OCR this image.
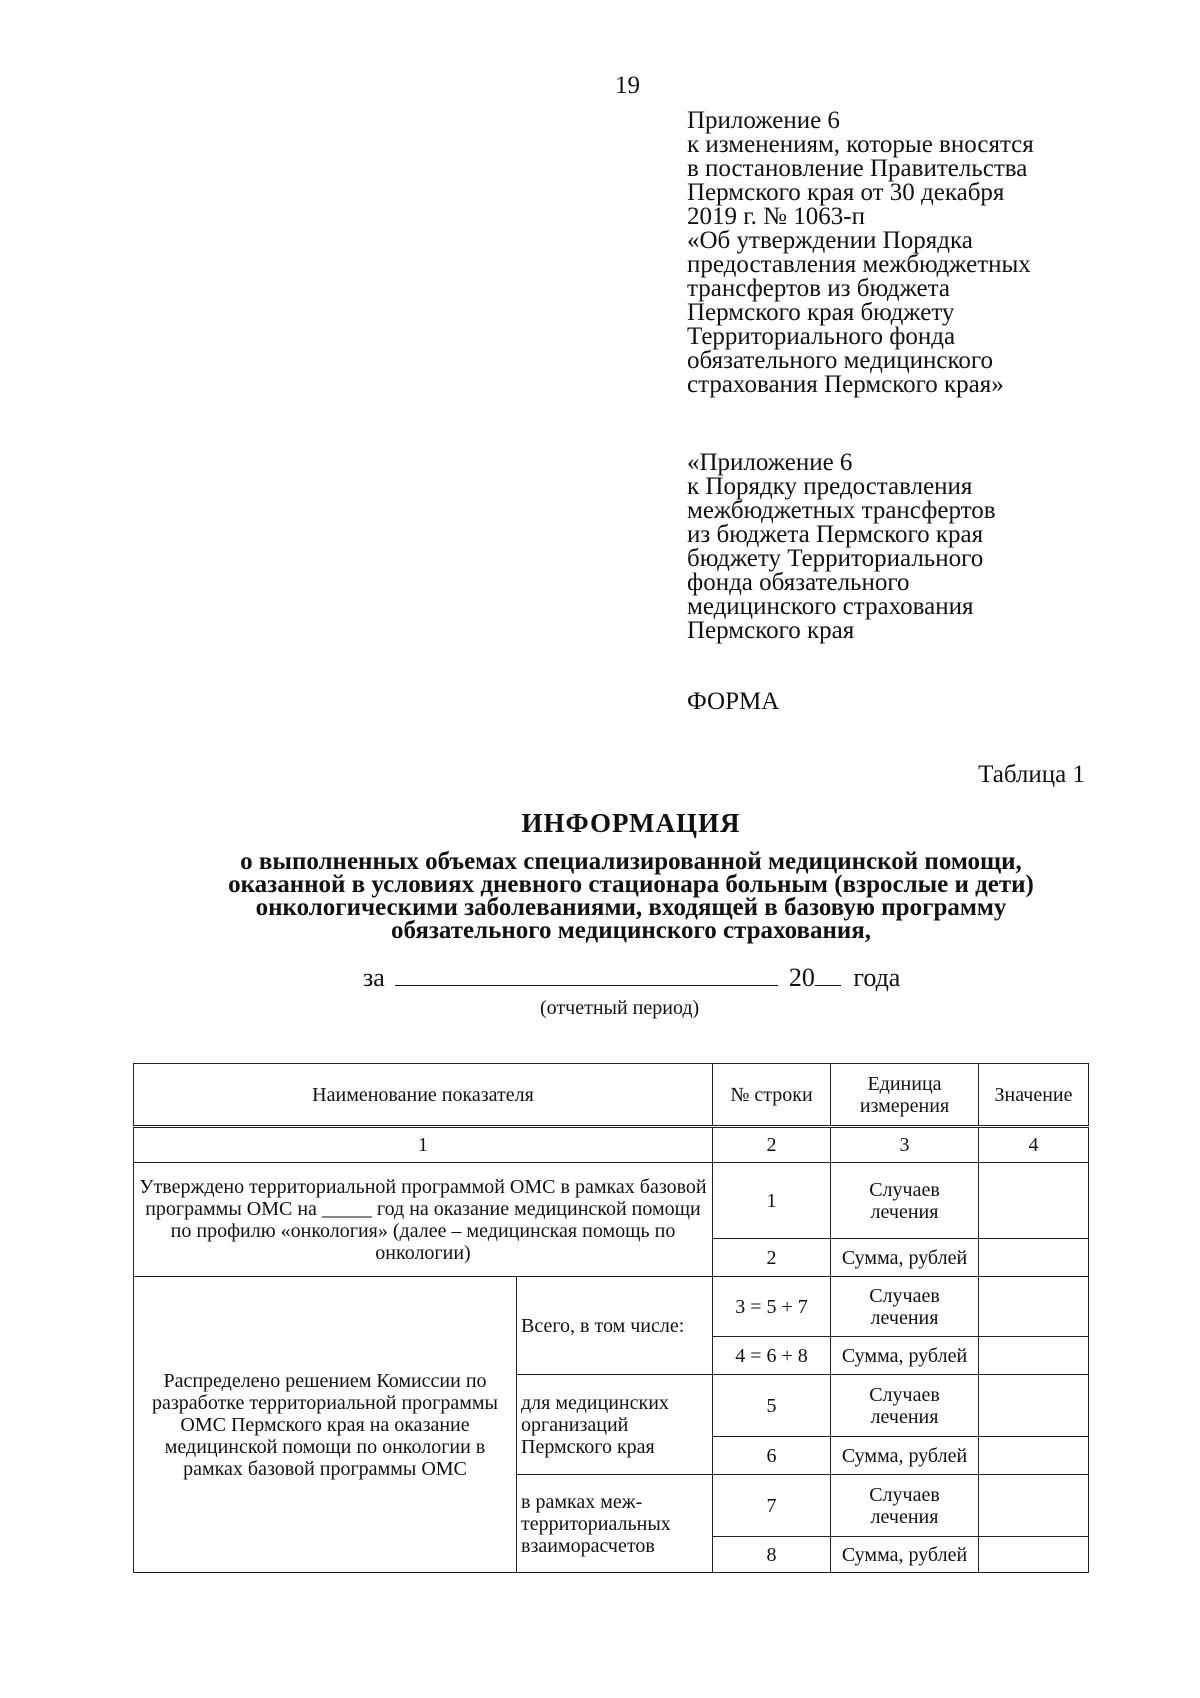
19
Приложение 6
к изменениям, которые вносятся
в постановление Правительства
Пермского края от 30 декабря
2019 г. № 1063-п
«Об утверждении Порядка
предоставления межбюджетных
трансфертов из бюджета
Пермского края бюджету
Территориального фонда
обязательного медицинского
страхования Пермского края»
«Приложение 6
к Порядку предоставления
межбюджетных трансфертов
из бюджета Пермского края
бюджету Территориального
фонда обязательного
медицинского страхования
Пермского края
ФОРМА
Таблица 1
ИНФОРМАЦИЯ
о выполненных объемах специализированной медицинской помощи,
оказанной в условиях дневного стационара больным (взрослые и дети)
онкологическими заболеваниями, входящей в базовую программу
обязательного медицинского страхования,
за	20 года
(отчетный период)
Наименование показателя		№ строки	Единица измерения	Значение
1		2	3	4
Утверждено территориальной программой ОМС в рамках базовой программы ОМС на _____ год на оказание медицинской помощи по профилю «онкология» (далее – медицинская помощь по онкологии)		1	Случаев лечения	
		2	Сумма, рублей	
Распределено решением Комиссии по разработке территориальной программы ОМС Пермского края на оказание медицинской помощи по онкологии в рамках базовой программы ОМС	Всего, в том числе:	3 = 5 + 7	Случаев лечения	
		4 = 6 + 8	Сумма, рублей	
	для медицинских организаций Пермского края	5	Случаев лечения	
		6	Сумма, рублей	
	в рамках меж-территориальных взаиморасчетов	7	Случаев лечения	
		8	Сумма, рублей	
